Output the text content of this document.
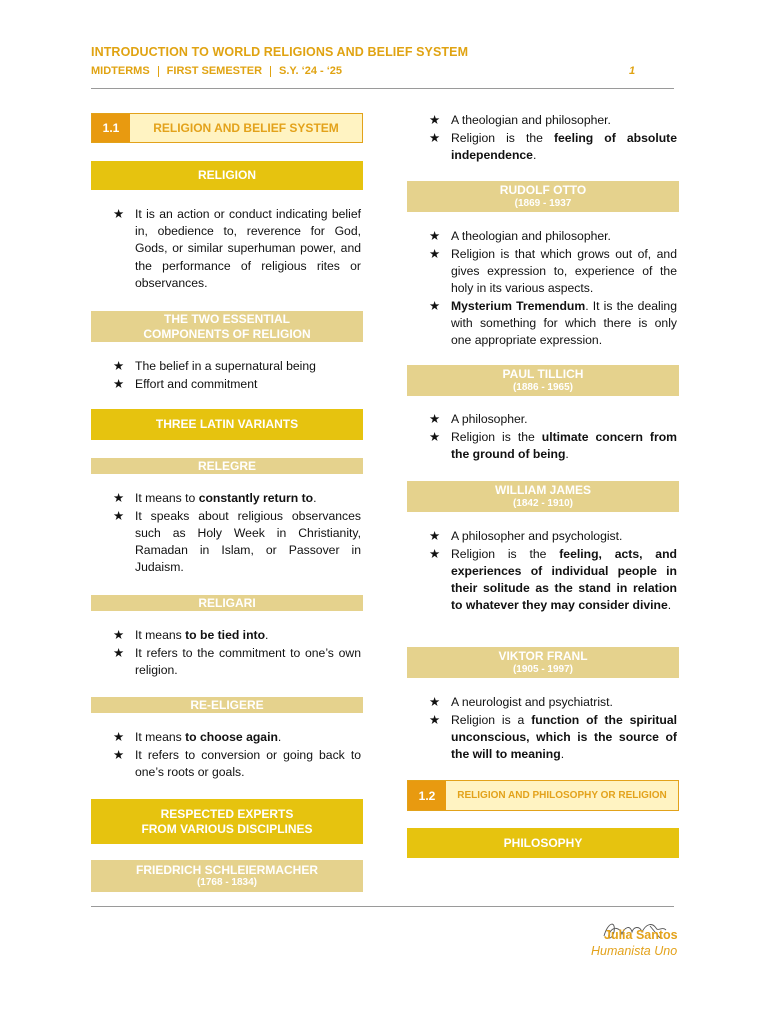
INTRODUCTION TO WORLD RELIGIONS AND BELIEF SYSTEM
MIDTERMS FIRST SEMESTER S.Y. ‘24 - ‘25	1
1.1	RELIGION AND BELIEF SYSTEM
RELIGION
★ It is an action or conduct indicating belief in, obedience to, reverence for God, Gods, or similar superhuman power, and the performance of religious rites or observances.
THE TWO ESSENTIAL
COMPONENTS OF RELIGION
★ The belief in a supernatural being
★ Effort and commitment
THREE LATIN VARIANTS
RELEGRE
★ It means to constantly return to.
★ It speaks about religious observances such as Holy Week in Christianity, Ramadan in Islam, or Passover in Judaism.
RELIGARI
★ It means to be tied into.
★ It refers to the commitment to one’s own religion.
RE-ELIGERE
★ It means to choose again.
★ It refers to conversion or going back to one’s roots or goals.
RESPECTED EXPERTS
FROM VARIOUS DISCIPLINES
FRIEDRICH SCHLEIERMACHER
(1768 - 1834)
★ A theologian and philosopher.
★ Religion is the feeling of absolute independence.
RUDOLF OTTO
(1869 - 1937
★ A theologian and philosopher.
★ Religion is that which grows out of, and gives expression to, experience of the holy in its various aspects.
★ Mysterium Tremendum. It is the dealing with something for which there is only one appropriate expression.
PAUL TILLICH
(1886 - 1965)
★ A philosopher.
★ Religion is the ultimate concern from the ground of being.
WILLIAM JAMES
(1842 - 1910)
★ A philosopher and psychologist.
★ Religion is the feeling, acts, and experiences of individual people in their solitude as the stand in relation to whatever they may consider divine.
VIKTOR FRANL
(1905 - 1997)
★ A neurologist and psychiatrist.
★ Religion is a function of the spiritual unconscious, which is the source of the will to meaning.
1.2	RELIGION AND PHILOSOPHY OR RELIGION
PHILOSOPHY
Julia Santos
Humanista Uno
